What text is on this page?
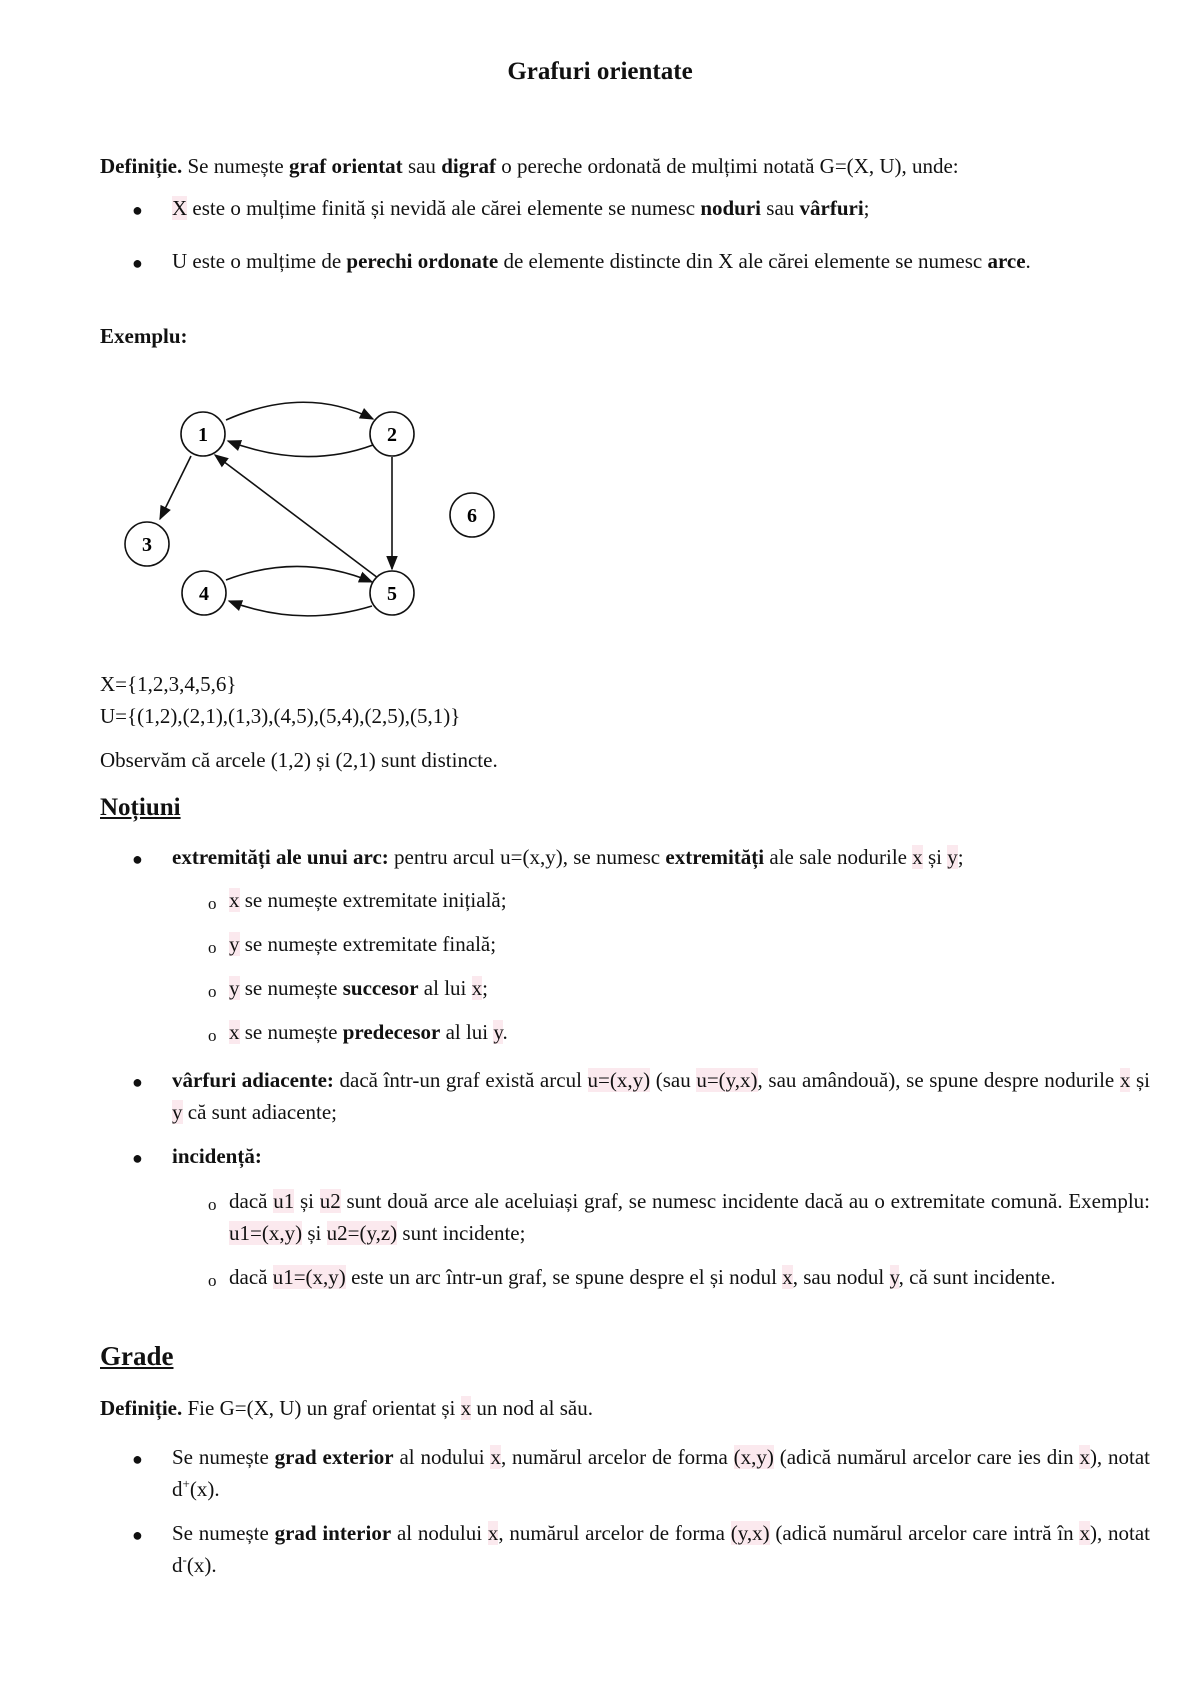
Grafuri orientate
Definiție. Se numește graf orientat sau digraf o pereche ordonată de mulțimi notată G=(X, U), unde:
● X este o mulțime finită și nevidă ale cărei elemente se numesc noduri sau vârfuri;
● U este o mulțime de perechi ordonate de elemente distincte din X ale cărei elemente se numesc arce.
Exemplu:
1	2
3
4	5
6
X={1,2,3,4,5,6}
U={(1,2),(2,1),(1,3),(4,5),(5,4),(2,5),(5,1)}
Observăm că arcele (1,2) și (2,1) sunt distincte.
Noțiuni
● extremități ale unui arc: pentru arcul u=(x,y), se numesc extremități ale sale nodurile x și y;
o x se numește extremitate inițială;
o y se numește extremitate finală;
o y se numește succesor al lui x;
o x se numește predecesor al lui y.
● vârfuri adiacente: dacă într-un graf există arcul u=(x,y) (sau u=(y,x), sau amândouă), se spune despre nodurile x și y că sunt adiacente;
● incidență:
o dacă u1 și u2 sunt două arce ale aceluiași graf, se numesc incidente dacă au o extremitate comună. Exemplu: u1=(x,y) și u2=(y,z) sunt incidente;
o dacă u1=(x,y) este un arc într-un graf, se spune despre el și nodul x, sau nodul y, că sunt incidente.
Grade
Definiție. Fie G=(X, U) un graf orientat și x un nod al său.
● Se numește grad exterior al nodului x, numărul arcelor de forma (x,y) (adică numărul arcelor care ies din x), notat d+(x).
● Se numește grad interior al nodului x, numărul arcelor de forma (y,x) (adică numărul arcelor care intră în x), notat d-(x).
